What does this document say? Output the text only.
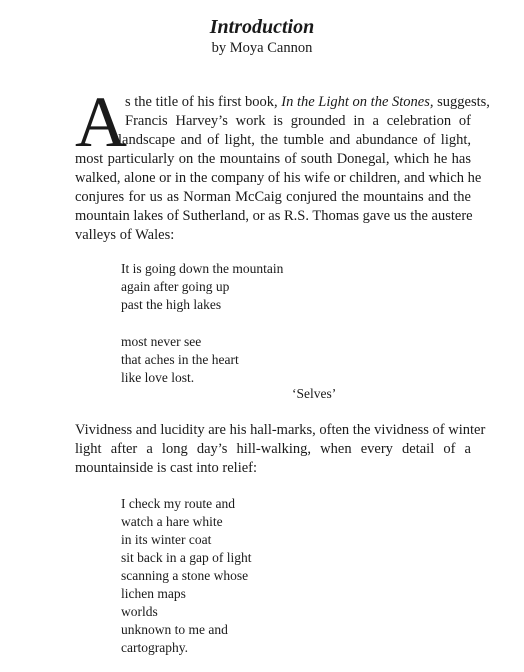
Introduction
by Moya Cannon
A
s the title of his first book, In the Light on the Stones, suggests,
Francis Harvey’s work is grounded in a celebration of
landscape and of light, the tumble and abundance of light,
most particularly on the mountains of south Donegal, which he has
walked, alone or in the company of his wife or children, and which he
conjures for us as Norman McCaig conjured the mountains and the
mountain lakes of Sutherland, or as R.S. Thomas gave us the austere
valleys of Wales:
It is going down the mountain
again after going up
past the high lakes
most never see
that aches in the heart
like love lost.
‘Selves’
Vividness and lucidity are his hall-marks, often the vividness of winter
light after a long day’s hill-walking, when every detail of a
mountainside is cast into relief:
I check my route and
watch a hare white
in its winter coat
sit back in a gap of light
scanning a stone whose
lichen maps
worlds
unknown to me and
cartography.
